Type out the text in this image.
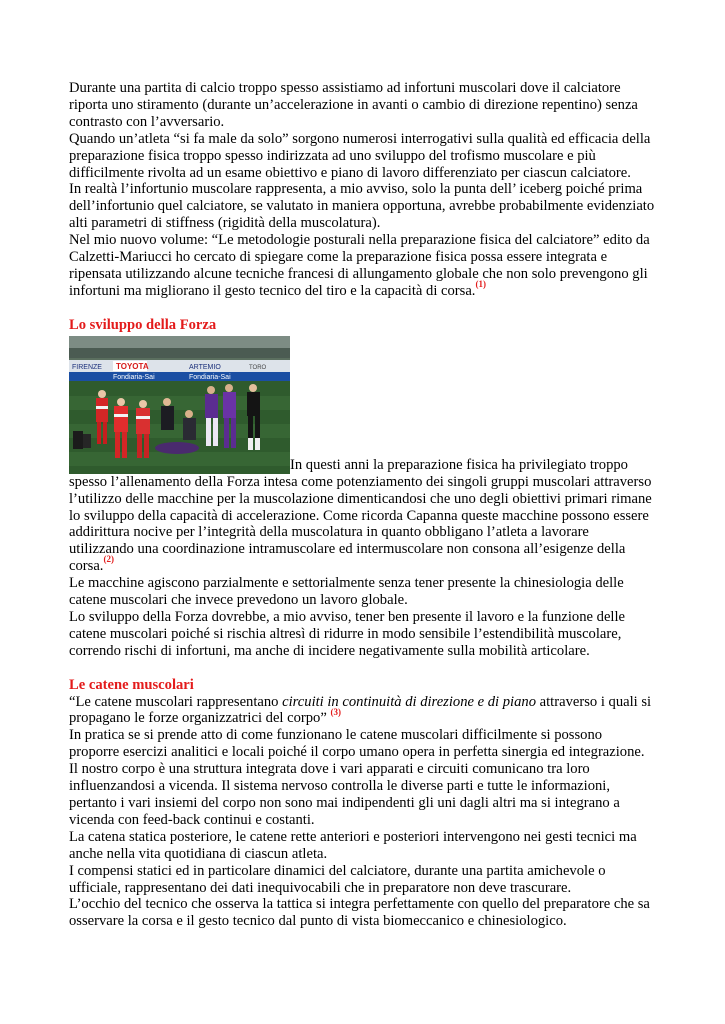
Durante una partita di calcio troppo spesso assistiamo ad infortuni muscolari dove il calciatore
riporta uno stiramento (durante un’accelerazione in avanti o cambio di direzione repentino) senza
contrasto con l’avversario.
Quando un’atleta “si fa male da solo” sorgono numerosi interrogativi sulla qualità ed efficacia della
preparazione fisica troppo spesso indirizzata ad uno sviluppo del trofismo muscolare e più
difficilmente rivolta ad un esame obiettivo e piano di lavoro differenziato per ciascun calciatore.
In realtà l’infortunio muscolare rappresenta, a mio avviso, solo la punta dell’ iceberg poiché prima
dell’infortunio quel calciatore, se valutato in maniera opportuna, avrebbe probabilmente evidenziato
alti parametri di stiffness (rigidità della muscolatura).
Nel mio nuovo volume: “Le metodologie posturali nella preparazione fisica del calciatore” edito da
Calzetti-Mariucci ho cercato di spiegare come la preparazione fisica possa essere integrata e
ripensata utilizzando alcune tecniche francesi di allungamento globale che non solo prevengono gli
infortuni ma migliorano il gesto tecnico del tiro e la capacità di corsa.$^{(1)}$
Lo sviluppo della Forza
FIRENZE TOYOTA	ARTEMIO	TORO
Fondiaria-Sai	Fondiaria-Sai
In questi anni la preparazione fisica ha privilegiato troppo
spesso l’allenamento della Forza intesa come potenziamento dei singoli gruppi muscolari attraverso
l’utilizzo delle macchine per la muscolazione dimenticandosi che uno degli obiettivi primari rimane
lo sviluppo della capacità di accelerazione. Come ricorda Capanna queste macchine possono essere
addirittura nocive per l’integrità della muscolatura in quanto obbligano l’atleta a lavorare
utilizzando una coordinazione intramuscolare ed intermuscolare non consona all’esigenze della
corsa.$^{(2)}$
Le macchine agiscono parzialmente e settorialmente senza tener presente la chinesiologia delle
catene muscolari che invece prevedono un lavoro globale.
Lo sviluppo della Forza dovrebbe, a mio avviso, tener ben presente il lavoro e la funzione delle
catene muscolari poiché si rischia altresì di ridurre in modo sensibile l’estendibilità muscolare,
correndo rischi di infortuni, ma anche di incidere negativamente sulla mobilità articolare.
Le catene muscolari
“Le catene muscolari rappresentano circuiti in continuità di direzione e di piano attraverso i quali si
propagano le forze organizzatrici del corpo” $^{(3)}$
In pratica se si prende atto di come funzionano le catene muscolari difficilmente si possono
proporre esercizi analitici e locali poiché il corpo umano opera in perfetta sinergia ed integrazione.
Il nostro corpo è una struttura integrata dove i vari apparati e circuiti comunicano tra loro
influenzandosi a vicenda. Il sistema nervoso controlla le diverse parti e tutte le informazioni,
pertanto i vari insiemi del corpo non sono mai indipendenti gli uni dagli altri ma si integrano a
vicenda con feed-back continui e costanti.
La catena statica posteriore, le catene rette anteriori e posteriori intervengono nei gesti tecnici ma
anche nella vita quotidiana di ciascun atleta.
I compensi statici ed in particolare dinamici del calciatore, durante una partita amichevole o
ufficiale, rappresentano dei dati inequivocabili che in preparatore non deve trascurare.
L’occhio del tecnico che osserva la tattica si integra perfettamente con quello del preparatore che sa
osservare la corsa e il gesto tecnico dal punto di vista biomeccanico e chinesiologico.
